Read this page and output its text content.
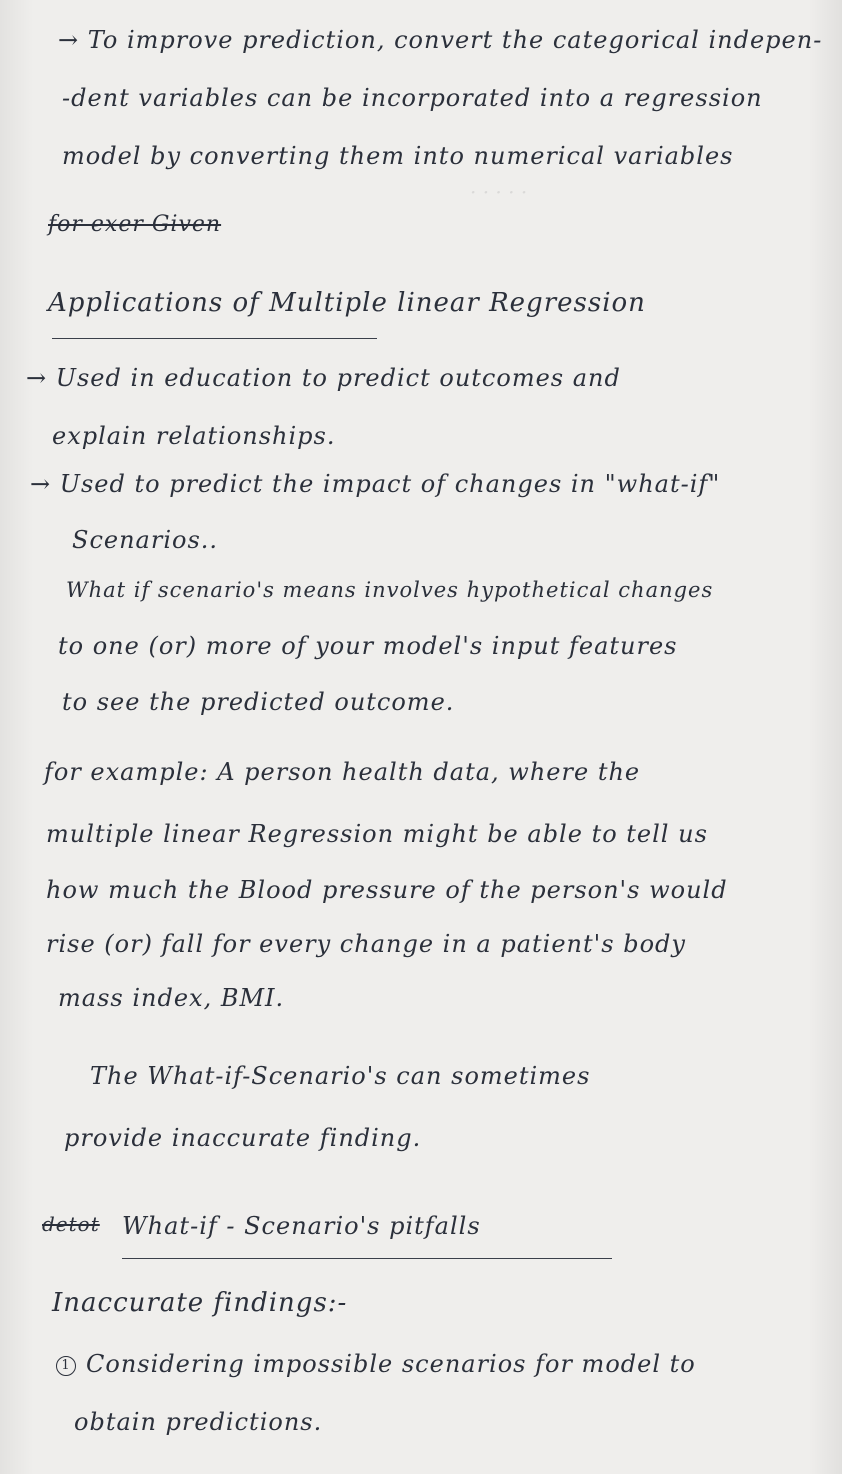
· · · · ·
→ To improve prediction, convert the categorical indepen-
-dent variables can be incorporated into a regression
model by converting them into numerical variables
for exer Given
Applications of Multiple linear Regression
→ Used in education to predict outcomes and
explain relationships.
→ Used to predict the impact of changes in "what-if"
Scenarios..
What if scenario's means involves hypothetical changes
to one (or) more of your model's input features
to see the predicted outcome.
for example: A person health data, where the
multiple linear Regression might be able to tell us
how much the Blood pressure of the person's would
rise (or) fall for every change in a patient's body
mass index, BMI.
The What-if-Scenario's can sometimes
provide inaccurate finding.
detot What-if - Scenario's pitfalls
Inaccurate findings:-
1 Considering impossible scenarios for model to
obtain predictions.
